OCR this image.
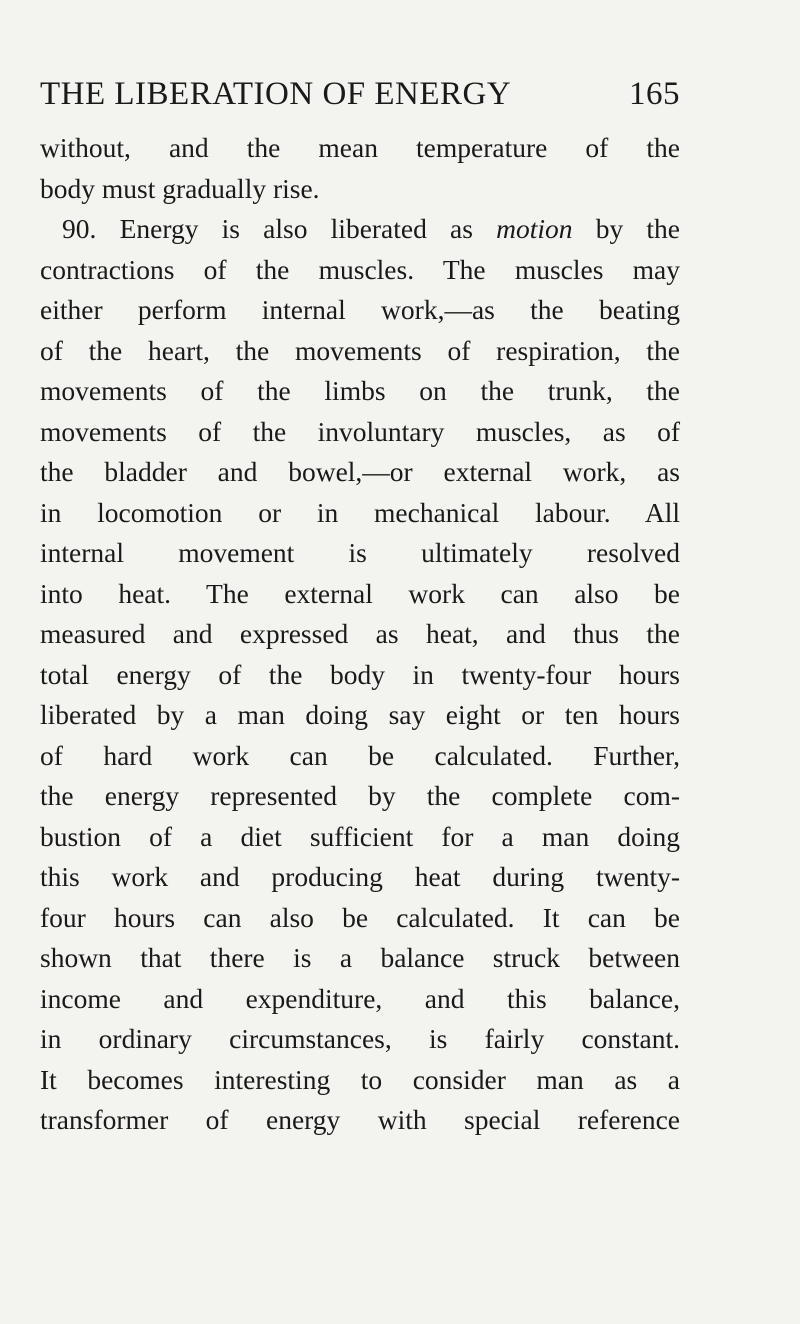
THE LIBERATION OF ENERGY	165
without, and the mean temperature of the
body must gradually rise.
90. Energy is also liberated as motion by the
contractions of the muscles. The muscles may
either perform internal work,—as the beating
of the heart, the movements of respiration, the
movements of the limbs on the trunk, the
movements of the involuntary muscles, as of
the bladder and bowel,—or external work, as
in locomotion or in mechanical labour. All
internal movement is ultimately resolved
into heat. The external work can also be
measured and expressed as heat, and thus the
total energy of the body in twenty-four hours
liberated by a man doing say eight or ten hours
of hard work can be calculated. Further,
the energy represented by the complete com-
bustion of a diet sufficient for a man doing
this work and producing heat during twenty-
four hours can also be calculated. It can be
shown that there is a balance struck between
income and expenditure, and this balance,
in ordinary circumstances, is fairly constant.
It becomes interesting to consider man as a
transformer of energy with special reference
